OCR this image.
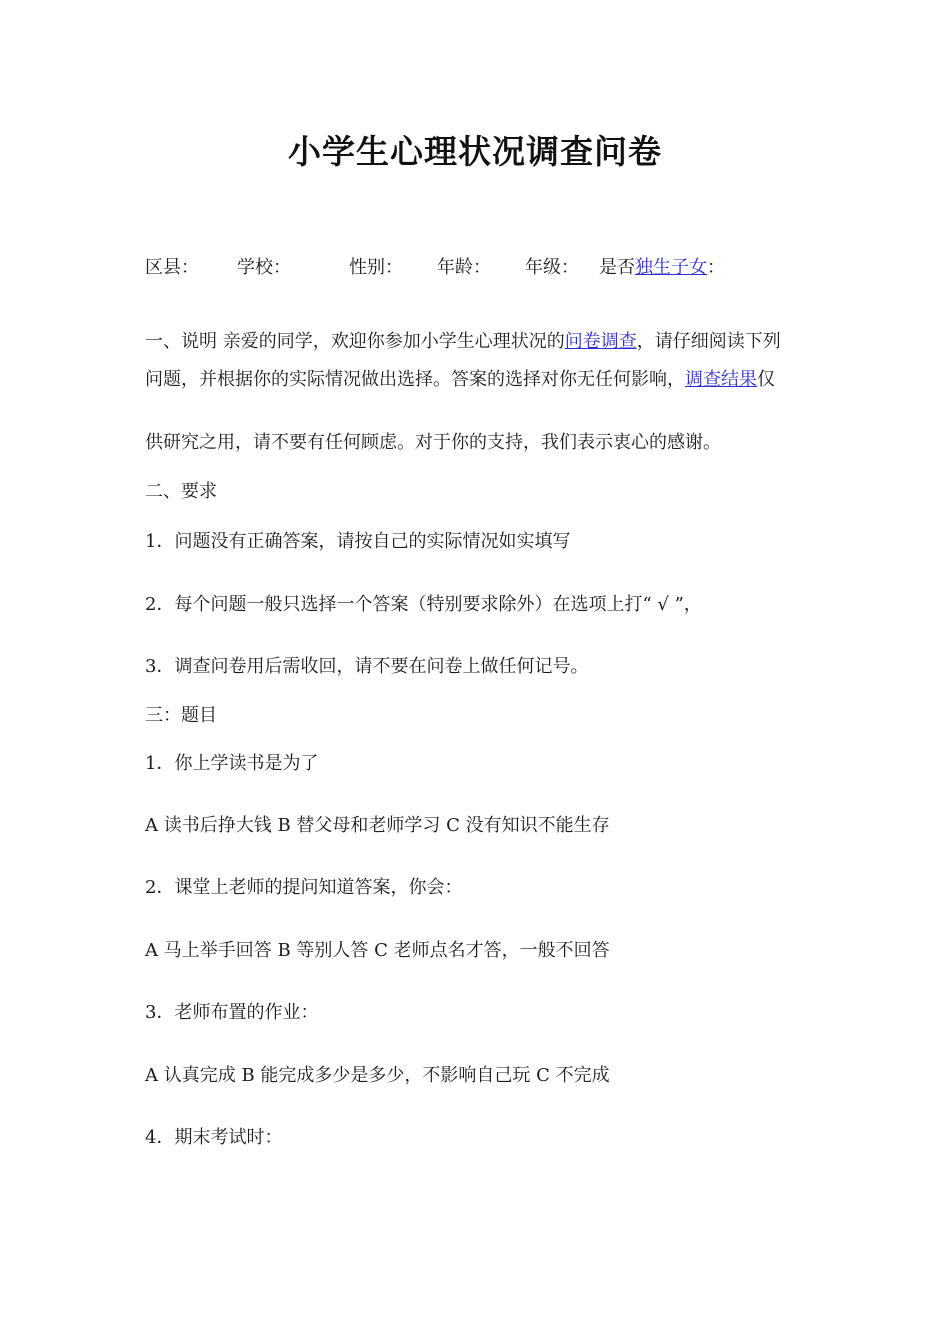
小学生心理状况调查问卷
区县： 学校：	性别： 年龄： 年级： 是否独生子女：
一、说明 亲爱的同学，欢迎你参加小学生心理状况的问卷调查，请仔细阅读下列
问题，并根据你的实际情况做出选择。答案的选择对你无任何影响，调查结果仅
供研究之用，请不要有任何顾虑。对于你的支持，我们表示衷心的感谢。
二、要求
1．问题没有正确答案，请按自己的实际情况如实填写
2．每个问题一般只选择一个答案（特别要求除外）在选项上打“ √ ”，
3．调查问卷用后需收回，请不要在问卷上做任何记号。
三：题目
1．你上学读书是为了
A 读书后挣大钱 B 替父母和老师学习 C 没有知识不能生存
2．课堂上老师的提问知道答案，你会：
A 马上举手回答 B 等别人答 C 老师点名才答，一般不回答
3．老师布置的作业：
A 认真完成 B 能完成多少是多少，不影响自己玩 C 不完成
4．期末考试时：
